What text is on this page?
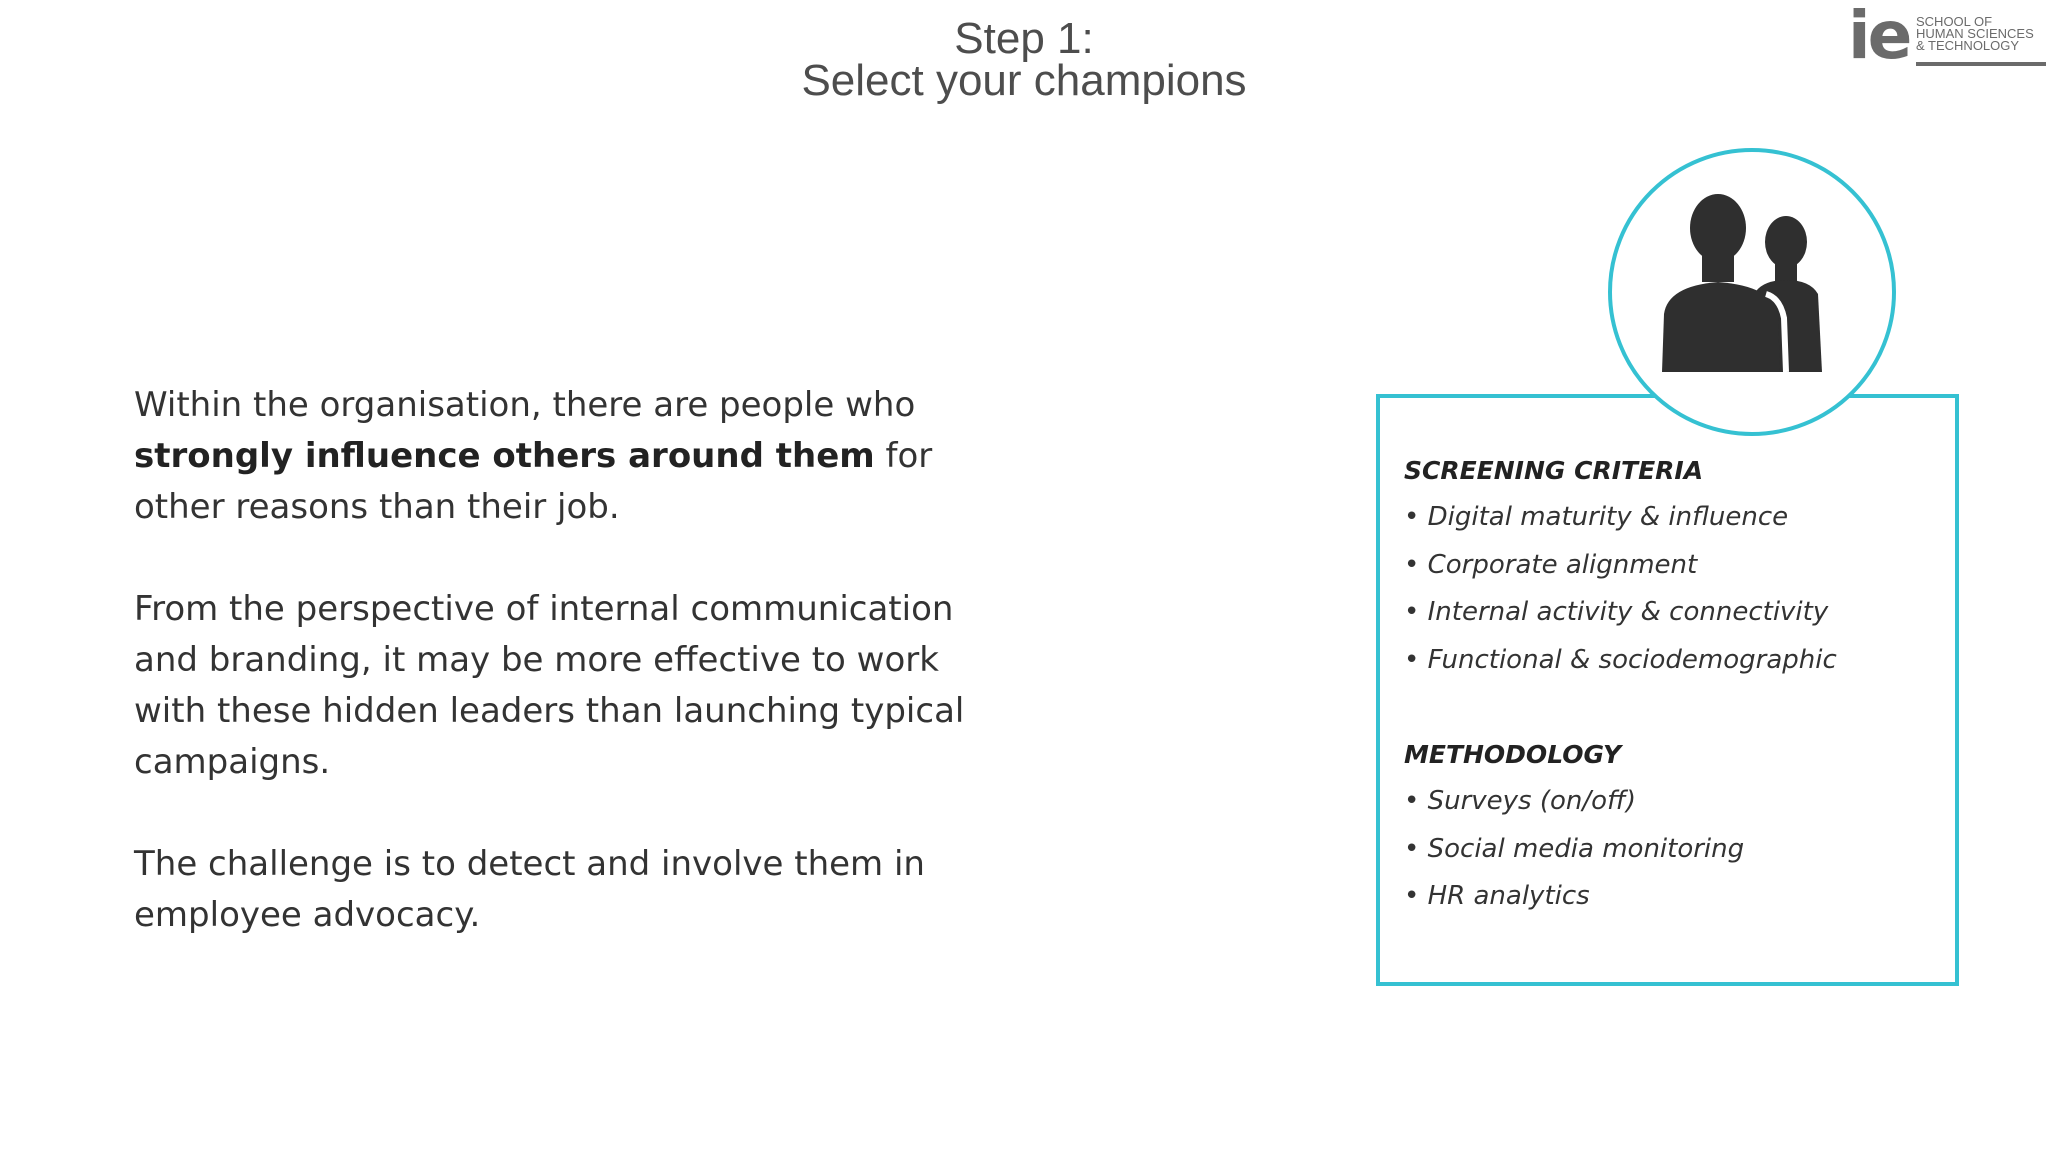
Step 1:
Select your champions
ie SCHOOL OF
HUMAN SCIENCES
& TECHNOLOGY

Within the organisation, there are people who strongly influence others around them for other reasons than their job.

From the perspective of internal communication and branding, it may be more effective to work with these hidden leaders than launching typical campaigns.

The challenge is to detect and involve them in employee advocacy.

SCREENING CRITERIA
• Digital maturity & influence
• Corporate alignment
• Internal activity & connectivity
• Functional & sociodemographic
METHODOLOGY
• Surveys (on/off)
• Social media monitoring
• HR analytics
